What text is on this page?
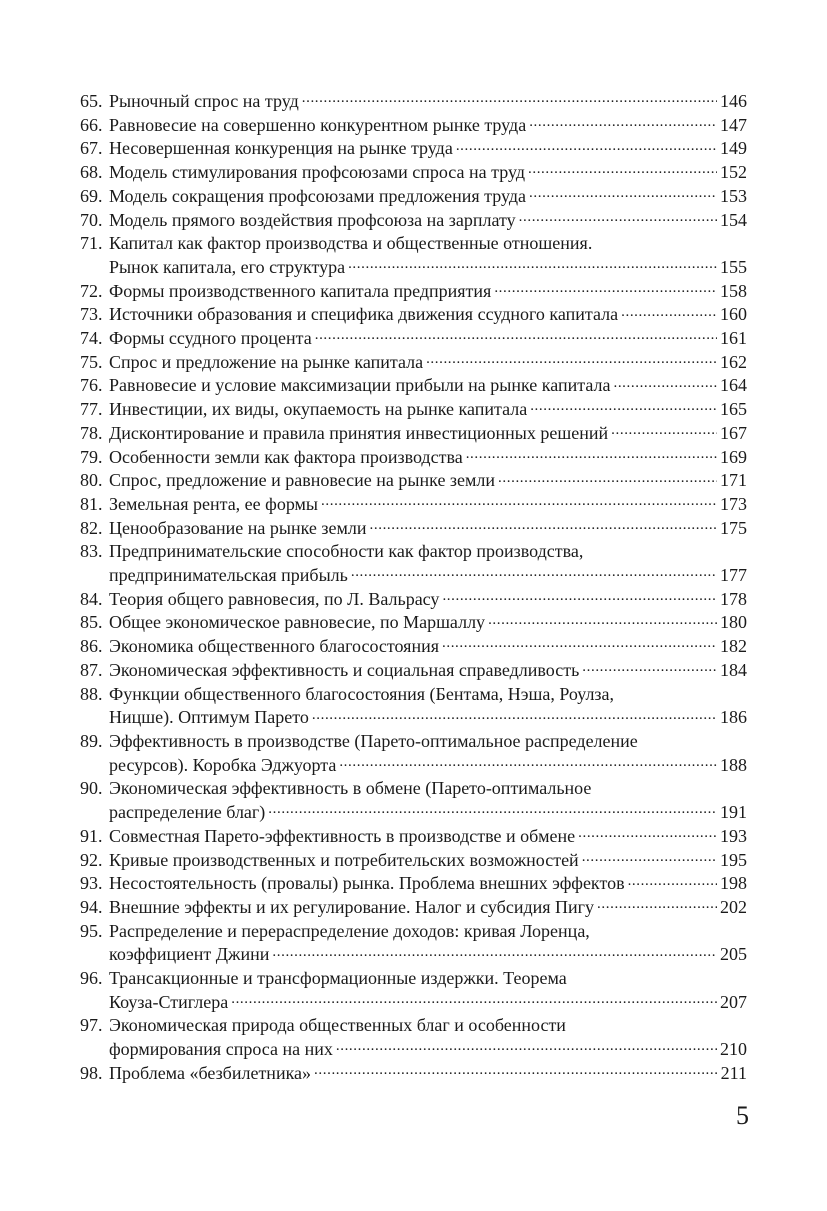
65. Рыночный спрос на труд .....	146
66. Равновесие на совершенно конкурентном рынке труда .....	147
67. Несовершенная конкуренция на рынке труда .....	149
68. Модель стимулирования профсоюзами спроса на труд .....	152
69. Модель сокращения профсоюзами предложения труда .....	153
70. Модель прямого воздействия профсоюза на зарплату .....	154
71. Капитал как фактор производства и общественные отношения.
Рынок капитала, его структура .....	155
72. Формы производственного капитала предприятия .....	158
73. Источники образования и специфика движения ссудного капитала .....	160
74. Формы ссудного процента .....	161
75. Спрос и предложение на рынке капитала .....	162
76. Равновесие и условие максимизации прибыли на рынке капитала .....	164
77. Инвестиции, их виды, окупаемость на рынке капитала .....	165
78. Дисконтирование и правила принятия инвестиционных решений .....	167
79. Особенности земли как фактора производства .....	169
80. Спрос, предложение и равновесие на рынке земли .....	171
81. Земельная рента, ее формы .....	173
82. Ценообразование на рынке земли .....	175
83. Предпринимательские способности как фактор производства,
предпринимательская прибыль .....	177
84. Теория общего равновесия, по Л. Вальрасу .....	178
85. Общее экономическое равновесие, по Маршаллу .....	180
86. Экономика общественного благосостояния .....	182
87. Экономическая эффективность и социальная справедливость .....	184
88. Функции общественного благосостояния (Бентама, Нэша, Роулза,
Ницше). Оптимум Парето .....	186
89. Эффективность в производстве (Парето-оптимальное распределение
ресурсов). Коробка Эджуорта .....	188
90. Экономическая эффективность в обмене (Парето-оптимальное
распределение благ) .....	191
91. Совместная Парето-эффективность в производстве и обмене .....	193
92. Кривые производственных и потребительских возможностей .....	195
93. Несостоятельность (провалы) рынка. Проблема внешних эффектов .....	198
94. Внешние эффекты и их регулирование. Налог и субсидия Пигу .....	202
95. Распределение и перераспределение доходов: кривая Лоренца,
коэффициент Джини .....	205
96. Трансакционные и трансформационные издержки. Теорема
Коуза-Стиглера .....	207
97. Экономическая природа общественных благ и особенности
формирования спроса на них .....	210
98. Проблема «безбилетника» .....	211
5
